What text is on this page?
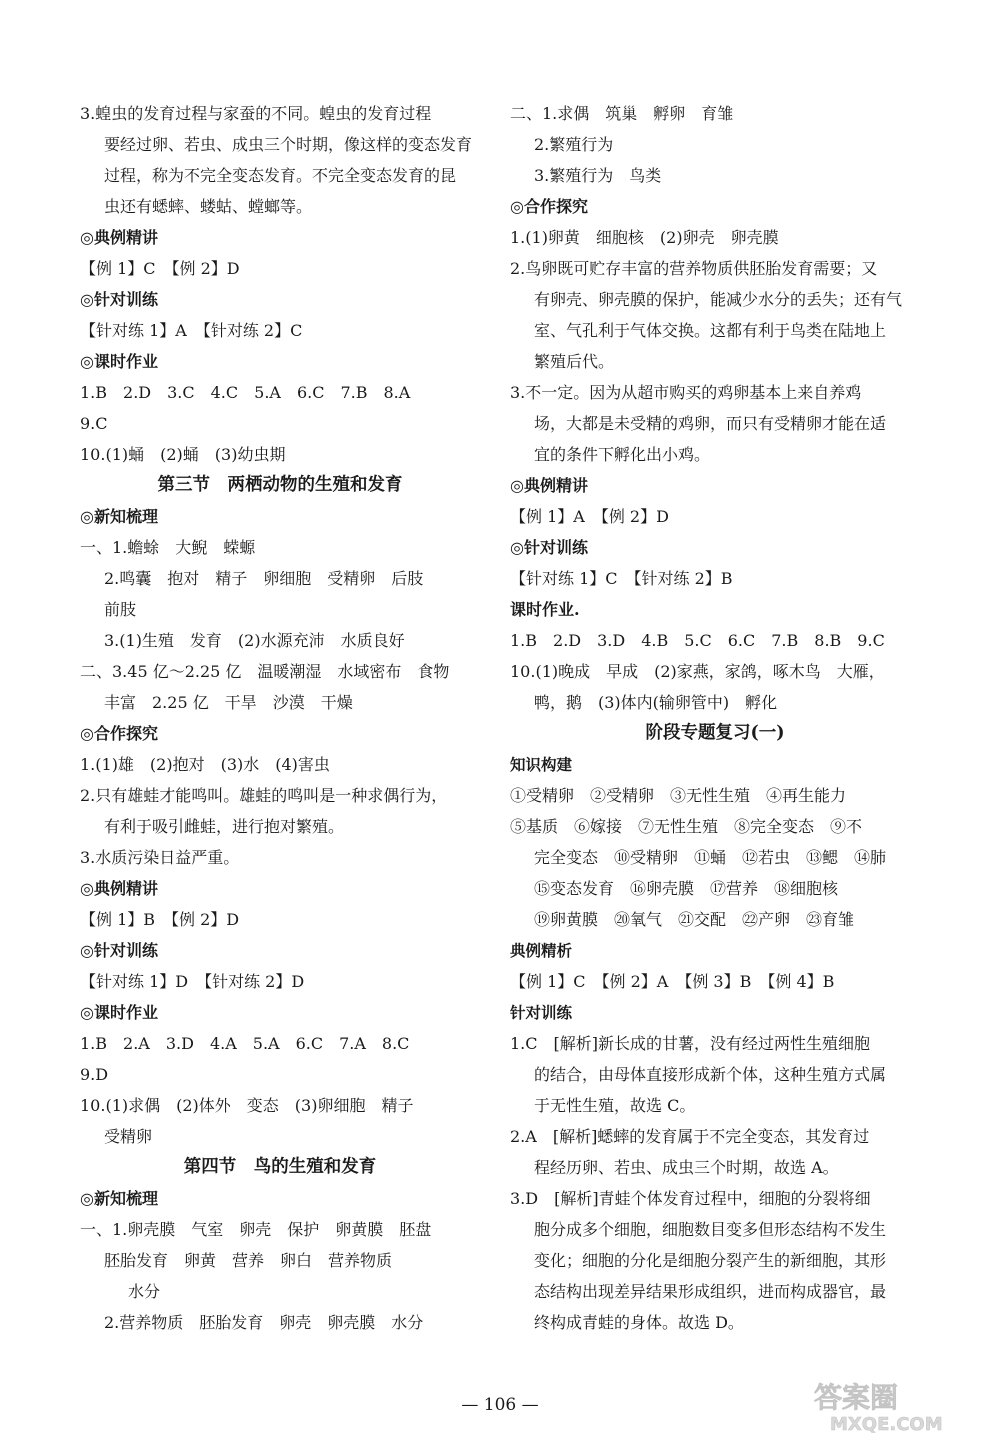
3.蝗虫的发育过程与家蚕的不同。蝗虫的发育过程
要经过卵、若虫、成虫三个时期，像这样的变态发育
过程，称为不完全变态发育。不完全变态发育的昆
虫还有蟋蟀、蝼蛄、螳螂等。
◎典例精讲
【例 1】C　【例 2】D
◎针对训练
【针对练 1】A　【针对练 2】C
◎课时作业
1.B　2.D　3.C　4.C　5.A　6.C　7.B　8.A
9.C
10.(1)蛹　(2)蛹　(3)幼虫期
第三节　两栖动物的生殖和发育
◎新知梳理
一、1.蟾蜍　大鲵　蝾螈
2.鸣囊　抱对　精子　卵细胞　受精卵　后肢
前肢
3.(1)生殖　发育　(2)水源充沛　水质良好
二、3.45 亿～2.25 亿　温暖潮湿　水域密布　食物
丰富　2.25 亿　干旱　沙漠　干燥
◎合作探究
1.(1)雄　(2)抱对　(3)水　(4)害虫
2.只有雄蛙才能鸣叫。雄蛙的鸣叫是一种求偶行为，
有利于吸引雌蛙，进行抱对繁殖。
3.水质污染日益严重。
◎典例精讲
【例 1】B　【例 2】D
◎针对训练
【针对练 1】D　【针对练 2】D
◎课时作业
1.B　2.A　3.D　4.A　5.A　6.C　7.A　8.C
9.D
10.(1)求偶　(2)体外　变态　(3)卵细胞　精子
受精卵
第四节　鸟的生殖和发育
◎新知梳理
一、1.卵壳膜　气室　卵壳　保护　卵黄膜　胚盘
胚胎发育　卵黄　营养　卵白　营养物质
水分
2.营养物质　胚胎发育　卵壳　卵壳膜　水分
二、1.求偶　筑巢　孵卵　育雏
2.繁殖行为
3.繁殖行为　鸟类
◎合作探究
1.(1)卵黄　细胞核　(2)卵壳　卵壳膜
2.鸟卵既可贮存丰富的营养物质供胚胎发育需要；又
有卵壳、卵壳膜的保护，能减少水分的丢失；还有气
室、气孔利于气体交换。这都有利于鸟类在陆地上
繁殖后代。
3.不一定。因为从超市购买的鸡卵基本上来自养鸡
场，大都是未受精的鸡卵，而只有受精卵才能在适
宜的条件下孵化出小鸡。
◎典例精讲
【例 1】A　【例 2】D
◎针对训练
【针对练 1】C　【针对练 2】B
课时作业.
1.B　2.D　3.D　4.B　5.C　6.C　7.B　8.B　9.C
10.(1)晚成　早成　(2)家燕，家鸽，啄木鸟　大雁，
鸭，鹅　(3)体内(输卵管中)　孵化
阶段专题复习(一)
知识构建
①受精卵　②受精卵　③无性生殖　④再生能力
⑤基质　⑥嫁接　⑦无性生殖　⑧完全变态　⑨不
完全变态　⑩受精卵　⑪蛹　⑫若虫　⑬鳃　⑭肺
⑮变态发育　⑯卵壳膜　⑰营养　⑱细胞核
⑲卵黄膜　⑳氧气　㉑交配　㉒产卵　㉓育雏
典例精析
【例 1】C　【例 2】A　【例 3】B　【例 4】B
针对训练
1.C　[解析]新长成的甘薯，没有经过两性生殖细胞
的结合，由母体直接形成新个体，这种生殖方式属
于无性生殖，故选 C。
2.A　[解析]蟋蟀的发育属于不完全变态，其发育过
程经历卵、若虫、成虫三个时期，故选 A。
3.D　[解析]青蛙个体发育过程中，细胞的分裂将细
胞分成多个细胞，细胞数目变多但形态结构不发生
变化；细胞的分化是细胞分裂产生的新细胞，其形
态结构出现差异结果形成组织，进而构成器官，最
终构成青蛙的身体。故选 D。
— 106 —	答案圈
MXQE.COM
